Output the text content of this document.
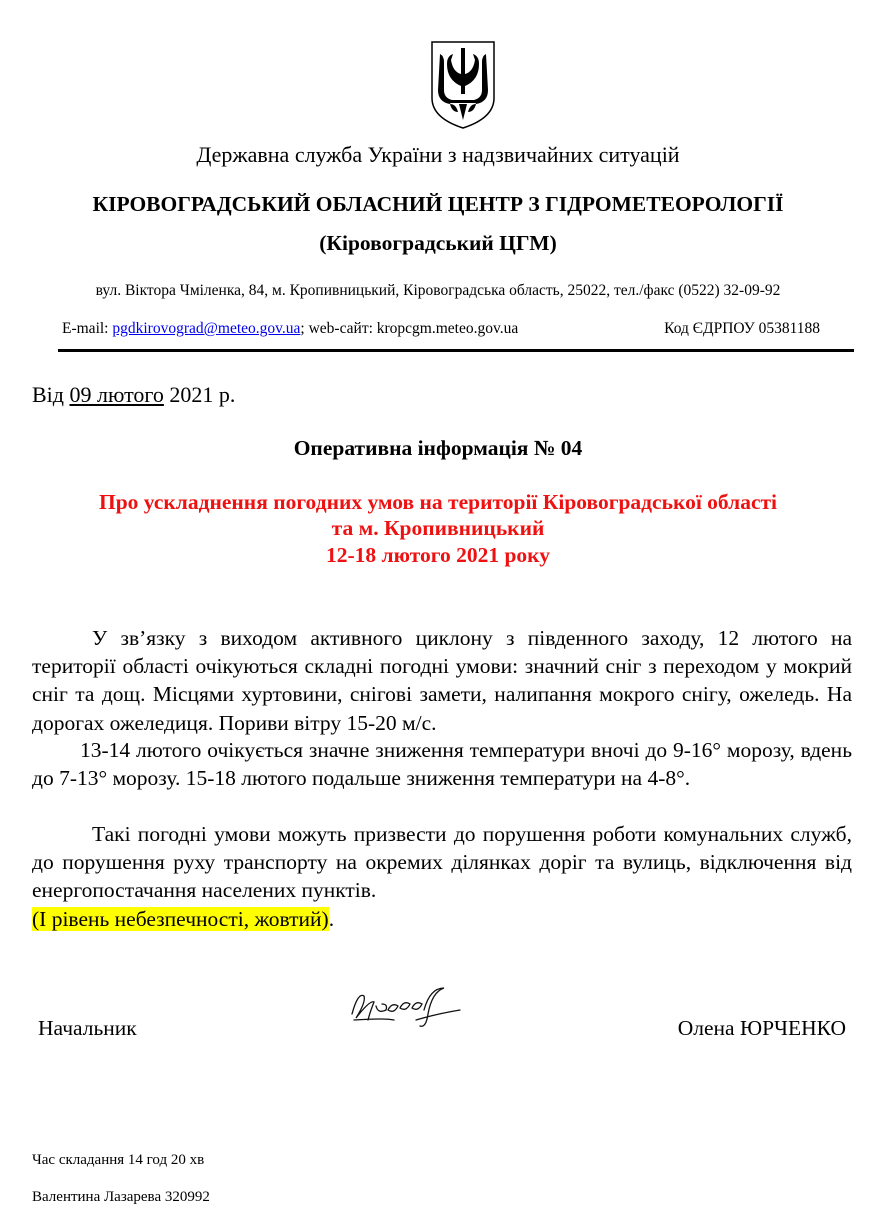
Державна служба України з надзвичайних ситуацій
КІРОВОГРАДСЬКИЙ ОБЛАСНИЙ ЦЕНТР З ГІДРОМЕТЕОРОЛОГІЇ
(Кіровоградський ЦГМ)
вул. Віктора Чміленка, 84, м. Кропивницький, Кіровоградська область, 25022, тел./факс (0522) 32-09-92
E-mail: pgdkirovograd@meteo.gov.ua; web-сайт: kropcgm.meteo.gov.ua	Код ЄДРПОУ 05381188
Від 09 лютого 2021 р.
Оперативна інформація № 04
Про ускладнення погодних умов на території Кіровоградської області
та м. Кропивницький
12-18 лютого 2021 року
У зв’язку з виходом активного циклону з південного заходу, 12 лютого на території області очікуються складні погодні умови: значний сніг з переходом у мокрий сніг та дощ. Місцями хуртовини, снігові замети, налипання мокрого снігу, ожеледь. На дорогах ожеледиця. Пориви вітру 15-20 м/с.
13-14 лютого очікується значне зниження температури вночі до 9-16° морозу, вдень до 7-13° морозу. 15-18 лютого подальше зниження температури на 4-8°.
Такі погодні умови можуть призвести до порушення роботи комунальних служб, до порушення руху транспорту на окремих ділянках доріг та вулиць, відключення від енергопостачання населених пунктів.
(І рівень небезпечності, жовтий).
Начальник	Олена ЮРЧЕНКО
Час складання 14 год 20 хв
Валентина Лазарева 320992
